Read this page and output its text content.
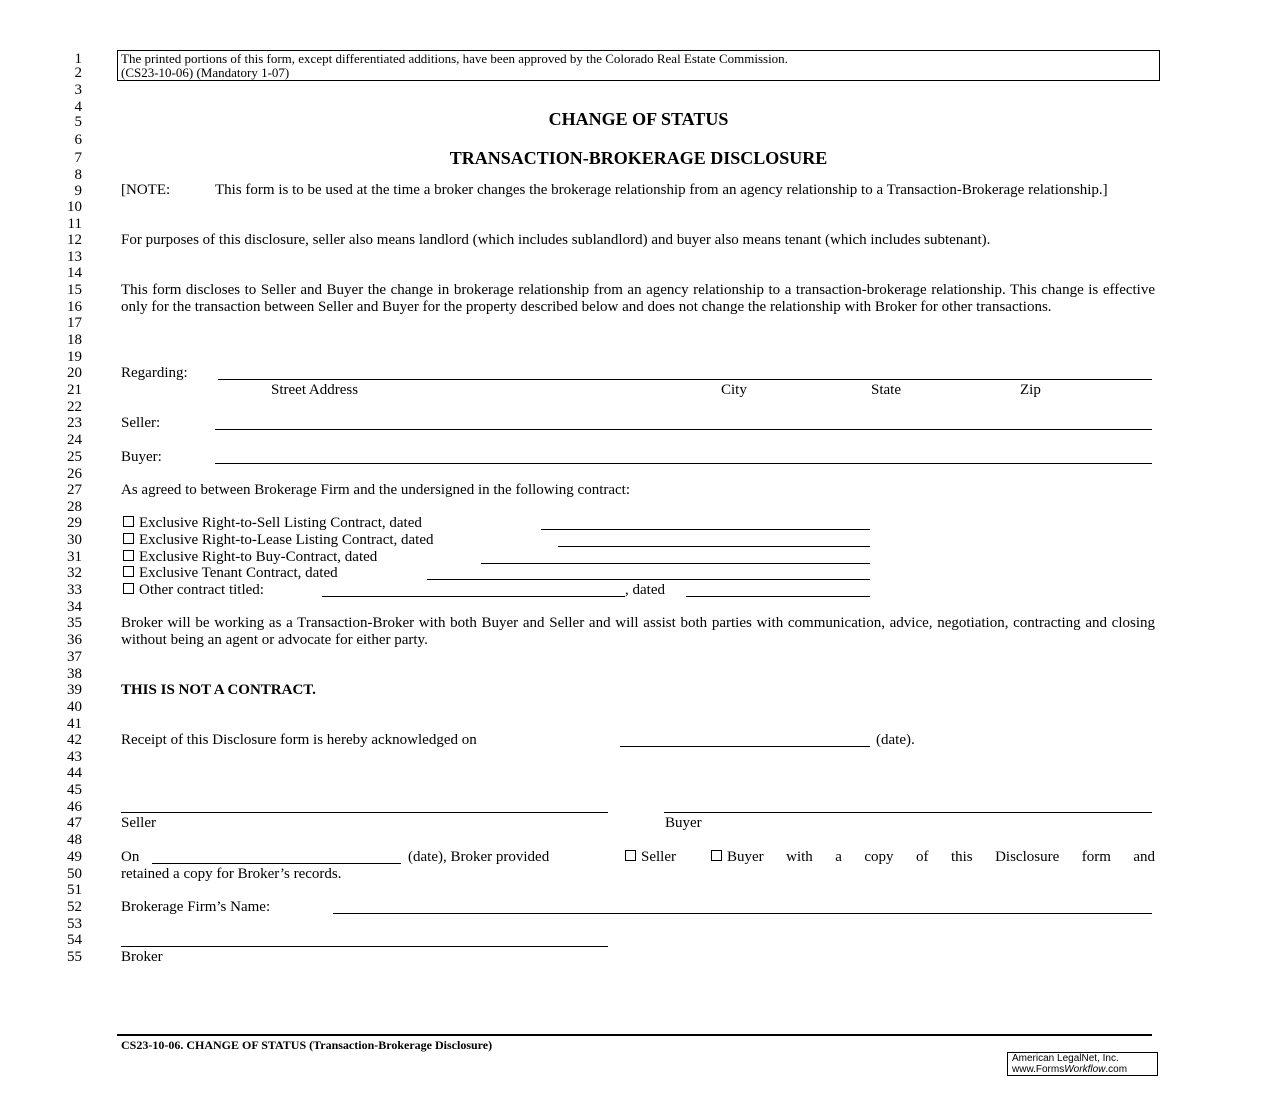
1
2
3
4
5
6
7
8
9
10
11
12
13
14
15
16
17
18
19
20
21
22
23
24
25
26
27
28
29
30
31
32
33
34
35
36
37
38
39
40
41
42
43
44
45
46
47
48
49
50
51
52
53
54
55
The printed portions of this form, except differentiated additions, have been approved by the Colorado Real Estate Commission.
(CS23-10-06) (Mandatory 1-07)
CHANGE OF STATUS
TRANSACTION-BROKERAGE DISCLOSURE
[NOTE:	This form is to be used at the time a broker changes the brokerage relationship from an agency relationship to a Transaction-Brokerage relationship.]
For purposes of this disclosure, seller also means landlord (which includes sublandlord) and buyer also means tenant (which includes subtenant).
This form discloses to Seller and Buyer the change in brokerage relationship from an agency relationship to a transaction-brokerage relationship. This change is effective only for the transaction between Seller and Buyer for the property described below and does not change the relationship with Broker for other transactions.
Regarding:
Street Address	City	State	Zip
Seller:
Buyer:
As agreed to between Brokerage Firm and the undersigned in the following contract:
Exclusive Right-to-Sell Listing Contract, dated
Exclusive Right-to-Lease Listing Contract, dated
Exclusive Right-to Buy-Contract, dated
Exclusive Tenant Contract, dated
Other contract titled:	, dated
Broker will be working as a Transaction-Broker with both Buyer and Seller and will assist both parties with communication, advice, negotiation, contracting and closing without being an agent or advocate for either party.
THIS IS NOT A CONTRACT.
Receipt of this Disclosure form is hereby acknowledged on	(date).
Seller	Buyer
On	(date), Broker provided	Seller	Buyer with a copy of this Disclosure form and
retained a copy for Broker’s records.
Brokerage Firm’s Name:
Broker
CS23-10-06. CHANGE OF STATUS (Transaction-Brokerage Disclosure)
American LegalNet, Inc.
www.FormsWorkflow.com
